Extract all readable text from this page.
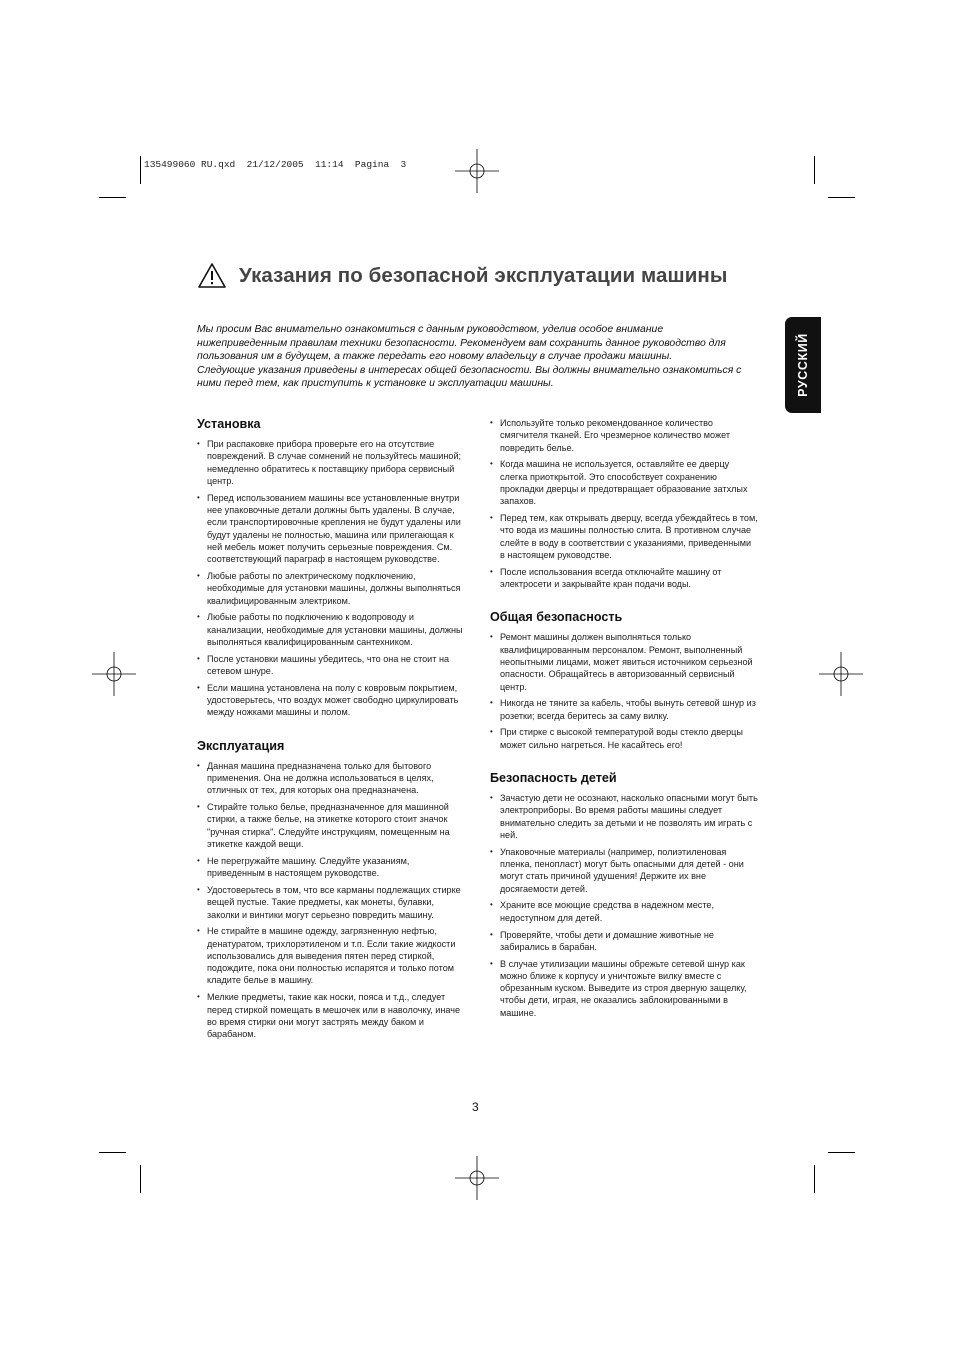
135499060 RU.qxd  21/12/2005  11:14  Pagina  3
Указания по безопасной эксплуатации машины
РУССКИЙ
Мы просим Вас внимательно ознакомиться с данным руководством, уделив особое внимание
нижеприведенным правилам техники безопасности. Рекомендуем вам сохранить данное руководство для
пользования им в будущем, а также передать его новому владельцу в случае продажи машины.
Следующие указания приведены в интересах общей безопасности. Вы должны внимательно ознакомиться с
ними перед тем, как приступить к установке и эксплуатации машины.
Установка
• При распаковке прибора проверьте его на отсутствие повреждений. В случае сомнений не пользуйтесь машиной; немедленно обратитесь к поставщику прибора сервисный центр.
• Перед использованием машины все установленные внутри нее упаковочные детали должны быть удалены. В случае, если транспортировочные крепления не будут удалены или будут удалены не полностью, машина или прилегающая к ней мебель может получить серьезные повреждения. См. соответствующий параграф в настоящем руководстве.
• Любые работы по электрическому подключению, необходимые для установки машины, должны выполняться квалифицированным электриком.
• Любые работы по подключению к водопроводу и канализации, необходимые для установки машины, должны выполняться квалифицированным сантехником.
• После установки машины убедитесь, что она не стоит на сетевом шнуре.
• Если машина установлена на полу с ковровым покрытием, удостоверьтесь, что воздух может свободно циркулировать между ножками машины и полом.
Эксплуатация
• Данная машина предназначена только для бытового применения. Она не должна использоваться в целях, отличных от тех, для которых она предназначена.
• Стирайте только белье, предназначенное для машинной стирки, а также белье, на этикетке которого стоит значок "ручная стирка". Следуйте инструкциям, помещенным на этикетке каждой вещи.
• Не перегружайте машину. Следуйте указаниям, приведенным в настоящем руководстве.
• Удостоверьтесь в том, что все карманы подлежащих стирке вещей пустые. Такие предметы, как монеты, булавки, заколки и винтики могут серьезно повредить машину.
• Не стирайте в машине одежду, загрязненную нефтью, денатуратом, трихлорэтиленом и т.п. Если такие жидкости использовались для выведения пятен перед стиркой, подождите, пока они полностью испарятся и только потом кладите белье в машину.
• Мелкие предметы, такие как носки, пояса и т.д., следует перед стиркой помещать в мешочек или в наволочку, иначе во время стирки они могут застрять между баком и барабаном.
• Используйте только рекомендованное количество смягчителя тканей. Его чрезмерное количество может повредить белье.
• Когда машина не используется, оставляйте ее дверцу слегка приоткрытой. Это способствует сохранению прокладки дверцы и предотвращает образование затхлых запахов.
• Перед тем, как открывать дверцу, всегда убеждайтесь в том, что вода из машины полностью слита. В противном случае слейте в воду в соответствии с указаниями, приведенными в настоящем руководстве.
• После использования всегда отключайте машину от электросети и закрывайте кран подачи воды.
Общая безопасность
• Ремонт машины должен выполняться только квалифицированным персоналом. Ремонт, выполненный неопытными лицами, может явиться источником серьезной опасности. Обращайтесь в авторизованный сервисный центр.
• Никогда не тяните за кабель, чтобы вынуть сетевой шнур из розетки; всегда беритесь за саму вилку.
• При стирке с высокой температурой воды стекло дверцы может сильно нагреться. Не касайтесь его!
Безопасность детей
• Зачастую дети не осознают, насколько опасными могут быть электроприборы. Во время работы машины следует внимательно следить за детьми и не позволять им играть с ней.
• Упаковочные материалы (например, полиэтиленовая пленка, пенопласт) могут быть опасными для детей - они могут стать причиной удушения! Держите их вне досягаемости детей.
• Храните все моющие средства в надежном месте, недоступном для детей.
• Проверяйте, чтобы дети и домашние животные не забирались в барабан.
• В случае утилизации машины обрежьте сетевой шнур как можно ближе к корпусу и уничтожьте вилку вместе с обрезанным куском. Выведите из строя дверную защелку, чтобы дети, играя, не оказались заблокированными в машине.
3
